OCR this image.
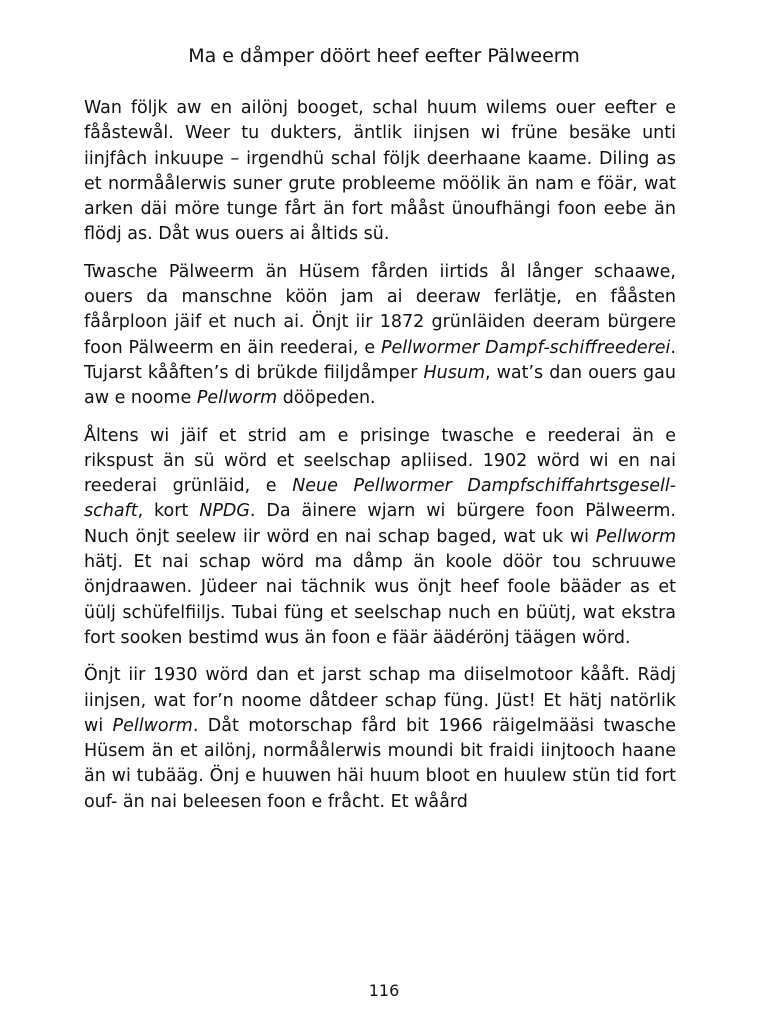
Ma e dåmper döört heef eefter Pälweerm

Wan följk aw en ailönj booget, schal huum wilems ouer eefter e fååstewål. Weer tu dukters, äntlik iinjsen wi früne besäke unti iinjfâch inkuupe – irgendhü schal följk deerhaane kaame. Diling as et normåålerwis suner grute probleeme möölik än nam e föär, wat arken däi möre tunge fårt än fort mååst ünoufhängi foon eebe än flödj as. Dåt wus ouers ai åltids sü.

Twasche Pälweerm än Hüsem fården iirtids ål långer schaawe, ouers da manschne köön jam ai deeraw ferlätje, en fååsten fåårploon jäif et nuch ai. Önjt iir 1872 grünläiden deeram bürgere foon Pälweerm en äin reederai, e Pellwormer Dampf-schiffreederei. Tujarst kååften’s di brükde fiiljdåmper Husum, wat’s dan ouers gau aw e noome Pellworm dööpeden.

Åltens wi jäif et strid am e prisinge twasche e reederai än e rikspust än sü wörd et seelschap apliised. 1902 wörd wi en nai reederai grünläid, e Neue Pellwormer Dampfschiffahrtsgesell-schaft, kort NPDG. Da äinere wjarn wi bürgere foon Pälweerm. Nuch önjt seelew iir wörd en nai schap baged, wat uk wi Pellworm hätj. Et nai schap wörd ma dåmp än koole döör tou schruuwe önjdraawen. Jüdeer nai tächnik wus önjt heef foole bääder as et üülj schüfelfiiljs. Tubai füng et seelschap nuch en büütj, wat ekstra fort sooken bestimd wus än foon e fäär äädérönj täägen wörd.

Önjt iir 1930 wörd dan et jarst schap ma diiselmotoor kååft. Rädj iinjsen, wat for’n noome dåtdeer schap füng. Jüst! Et hätj natörlik wi Pellworm. Dåt motorschap fård bit 1966 räigelmääsi twasche Hüsem än et ailönj, normåålerwis moundi bit fraidi iinjtooch haane än wi tubääg. Önj e huuwen häi huum bloot en huulew stün tid fort ouf- än nai beleesen foon e fråcht. Et wåård

116
